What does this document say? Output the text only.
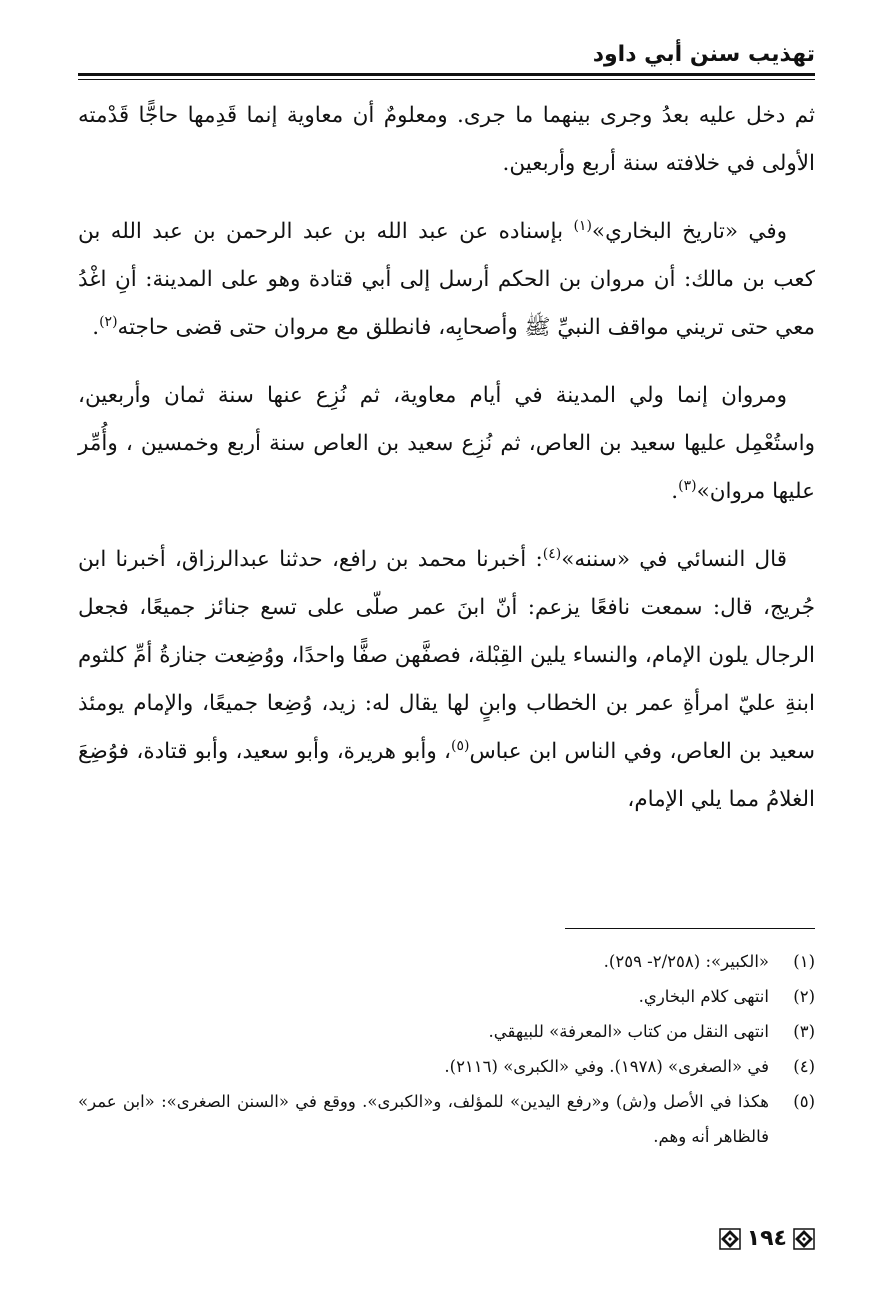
تهذيب سنن أبي داود

ثم دخل عليه بعدُ وجرى بينهما ما جرى. ومعلومٌ أن معاوية إنما قَدِمها حاجًّا قَدْمته الأولى في خلافته سنة أربع وأربعين.

وفي «تاريخ البخاري»$^{(١)}$ بإسناده عن عبد الله بن عبد الرحمن بن عبد الله بن كعب بن مالك: أن مروان بن الحكم أرسل إلى أبي قتادة وهو على المدينة: أنِ اغْدُ معي حتى تريني مواقف النبيِّ ﷺ وأصحابِه، فانطلق مع مروان حتى قضى حاجته$^{(٢)}$.

ومروان إنما ولي المدينة في أيام معاوية، ثم نُزِع عنها سنة ثمان وأربعين، واستُعْمِل عليها سعيد بن العاص، ثم نُزِع سعيد بن العاص سنة أربع وخمسين ، وأُمِّر عليها مروان»$^{(٣)}$.

قال النسائي في «سننه»$^{(٤)}$: أخبرنا محمد بن رافع، حدثنا عبدالرزاق، أخبرنا ابن جُريج، قال: سمعت نافعًا يزعم: أنّ ابنَ عمر صلّى على تسع جنائز جميعًا، فجعل الرجال يلون الإمام، والنساء يلين القِبْلة، فصفَّهن صفًّا واحدًا، ووُضِعت جنازةُ أمِّ كلثوم ابنةِ عليّ امرأةِ عمر بن الخطاب وابنٍ لها يقال له: زيد، وُضِعا جميعًا، والإمام يومئذ سعيد بن العاص، وفي الناس ابن عباس$^{(٥)}$، وأبو هريرة، وأبو سعيد، وأبو قتادة، فوُضِعَ الغلامُ مما يلي الإمام،

(١)
«الكبير»: (٢/٢٥٨- ٢٥٩).
(٢)
انتهى كلام البخاري.
(٣)
انتهى النقل من كتاب «المعرفة» للبيهقي.
(٤)
في «الصغرى» (١٩٧٨). وفي «الكبرى» (٢١١٦).
(٥)
هكذا في الأصل و(ش) و«رفع اليدين» للمؤلف، و«الكبرى». ووقع في «السنن الصغرى»: «ابن عمر» فالظاهر أنه وهم.
١٩٤
